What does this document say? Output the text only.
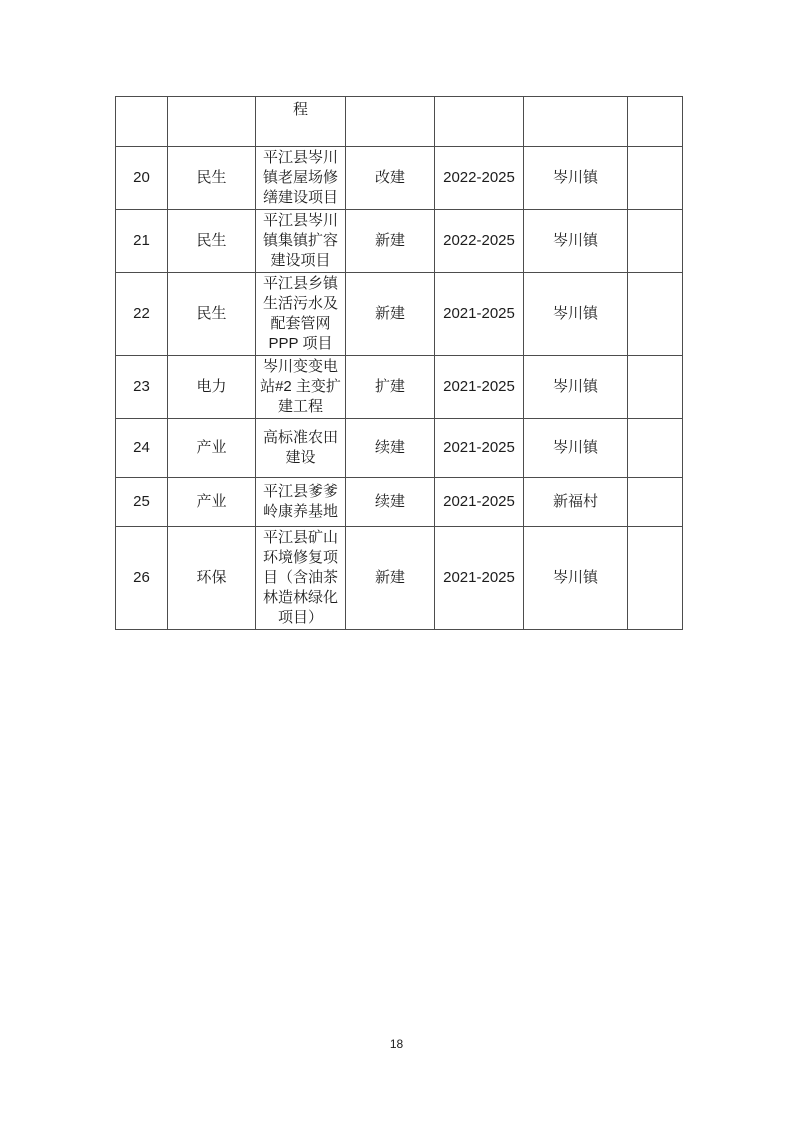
		程				
20	民生	平江县岑川镇老屋场修缮建设项目	改建	2022-2025	岑川镇	
21	民生	平江县岑川镇集镇扩容建设项目	新建	2022-2025	岑川镇	
22	民生	平江县乡镇生活污水及配套管网 PPP 项目	新建	2021-2025	岑川镇	
23	电力	岑川变变电站#2 主变扩建工程	扩建	2021-2025	岑川镇	
24	产业	高标准农田建设	续建	2021-2025	岑川镇	
25	产业	平江县爹爹岭康养基地	续建	2021-2025	新福村	
26	环保	平江县矿山环境修复项目（含油茶林造林绿化项目）	新建	2021-2025	岑川镇	
18
